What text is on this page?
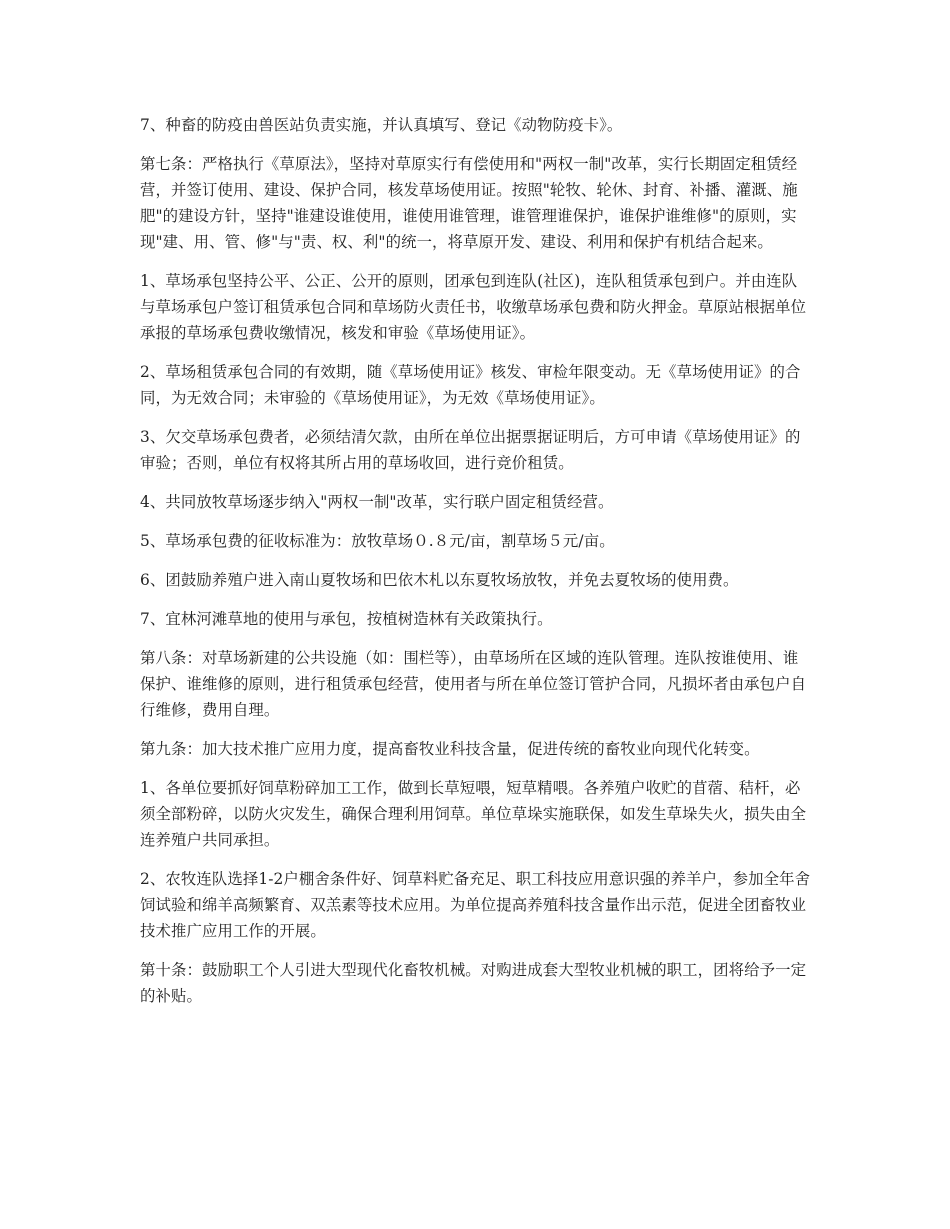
7、种畜的防疫由兽医站负责实施，并认真填写、登记《动物防疫卡》。

第七条：严格执行《草原法》，坚持对草原实行有偿使用和"两权一制"改革，实行长期固定租赁经营，并签订使用、建设、保护合同，核发草场使用证。按照"轮牧、轮休、封育、补播、灌溉、施肥"的建设方针，坚持"谁建设谁使用，谁使用谁管理，谁管理谁保护，谁保护谁维修"的原则，实现"建、用、管、修"与"责、权、利"的统一，将草原开发、建设、利用和保护有机结合起来。

1、草场承包坚持公平、公正、公开的原则，团承包到连队(社区)，连队租赁承包到户。并由连队与草场承包户签订租赁承包合同和草场防火责任书，收缴草场承包费和防火押金。草原站根据单位承报的草场承包费收缴情况，核发和审验《草场使用证》。

2、草场租赁承包合同的有效期，随《草场使用证》核发、审检年限变动。无《草场使用证》的合同，为无效合同；未审验的《草场使用证》，为无效《草场使用证》。

3、欠交草场承包费者，必须结清欠款，由所在单位出据票据证明后，方可申请《草场使用证》的审验；否则，单位有权将其所占用的草场收回，进行竞价租赁。

4、共同放牧草场逐步纳入"两权一制"改革，实行联户固定租赁经营。

5、草场承包费的征收标准为：放牧草场０.８元/亩，割草场５元/亩。

6、团鼓励养殖户进入南山夏牧场和巴依木札以东夏牧场放牧，并免去夏牧场的使用费。

7、宜林河滩草地的使用与承包，按植树造林有关政策执行。

第八条：对草场新建的公共设施（如：围栏等），由草场所在区域的连队管理。连队按谁使用、谁保护、谁维修的原则，进行租赁承包经营，使用者与所在单位签订管护合同，凡损坏者由承包户自行维修，费用自理。

第九条：加大技术推广应用力度，提高畜牧业科技含量，促进传统的畜牧业向现代化转变。

1、各单位要抓好饲草粉碎加工工作，做到长草短喂，短草精喂。各养殖户收贮的苜蓿、秸杆，必须全部粉碎，以防火灾发生，确保合理利用饲草。单位草垛实施联保，如发生草垛失火，损失由全连养殖户共同承担。

2、农牧连队选择1-2户棚舍条件好、饲草料贮备充足、职工科技应用意识强的养羊户，参加全年舍饲试验和绵羊高频繁育、双羔素等技术应用。为单位提高养殖科技含量作出示范，促进全团畜牧业技术推广应用工作的开展。

第十条：鼓励职工个人引进大型现代化畜牧机械。对购进成套大型牧业机械的职工，团将给予一定的补贴。
